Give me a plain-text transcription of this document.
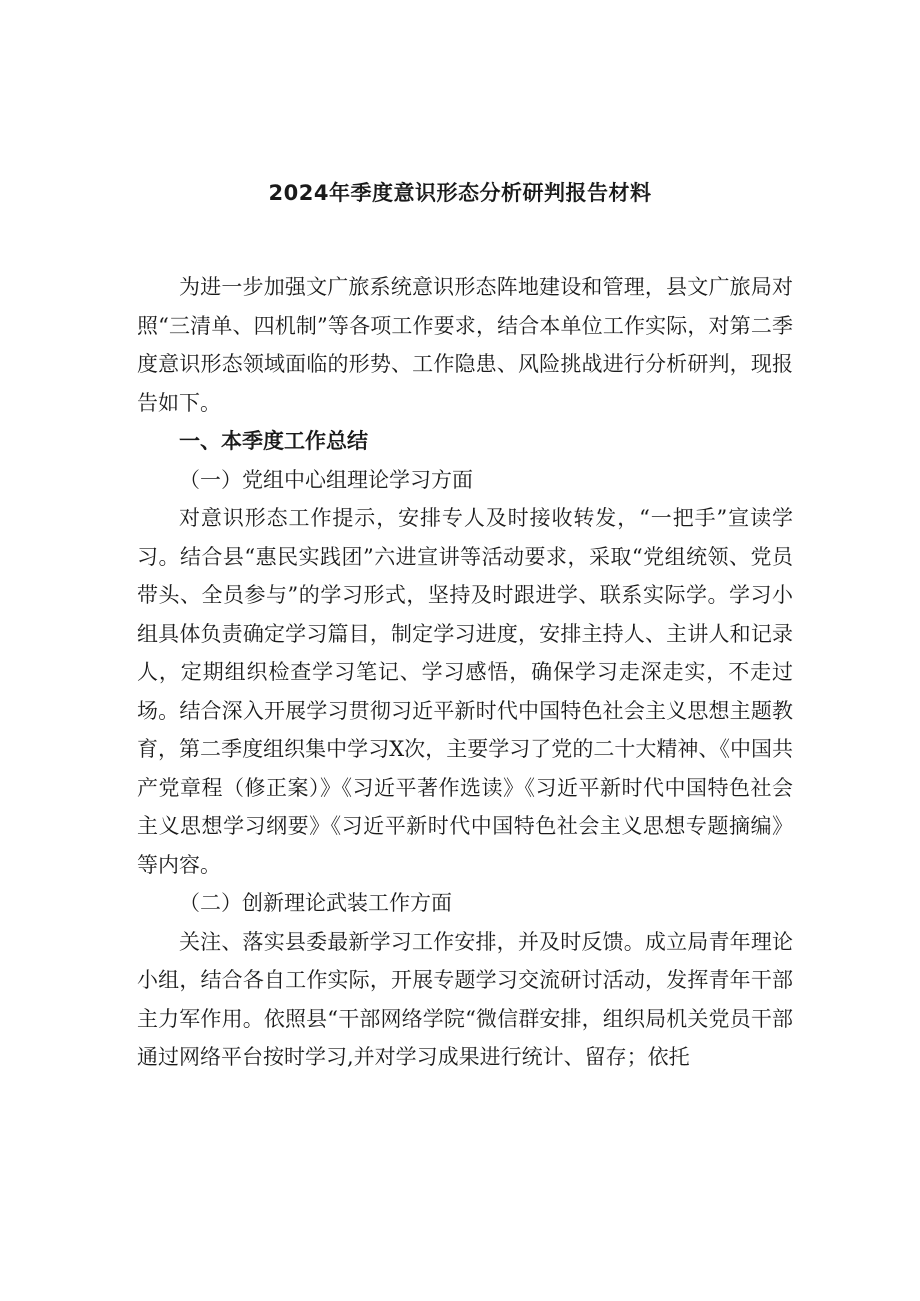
2024年季度意识形态分析研判报告材料

为进一步加强文广旅系统意识形态阵地建设和管理，县文广旅局对照“三清单、四机制”等各项工作要求，结合本单位工作实际，对第二季度意识形态领域面临的形势、工作隐患、风险挑战进行分析研判，现报告如下。

一、本季度工作总结

（一）党组中心组理论学习方面

对意识形态工作提示，安排专人及时接收转发，“一把手”宣读学习。结合县“惠民实践团”六进宣讲等活动要求，采取“党组统领、党员带头、全员参与”的学习形式，坚持及时跟进学、联系实际学。学习小组具体负责确定学习篇目，制定学习进度，安排主持人、主讲人和记录人，定期组织检查学习笔记、学习感悟，确保学习走深走实，不走过场。结合深入开展学习贯彻习近平新时代中国特色社会主义思想主题教育，第二季度组织集中学习X次，主要学习了党的二十大精神、《中国共产党章程（修正案）》《习近平著作选读》《习近平新时代中国特色社会主义思想学习纲要》《习近平新时代中国特色社会主义思想专题摘编》等内容。

（二）创新理论武装工作方面

关注、落实县委最新学习工作安排，并及时反馈。成立局青年理论小组，结合各自工作实际，开展专题学习交流研讨活动，发挥青年干部主力军作用。依照县“干部网络学院“微信群安排，组织局机关党员干部通过网络平台按时学习,并对学习成果进行统计、留存；依托
